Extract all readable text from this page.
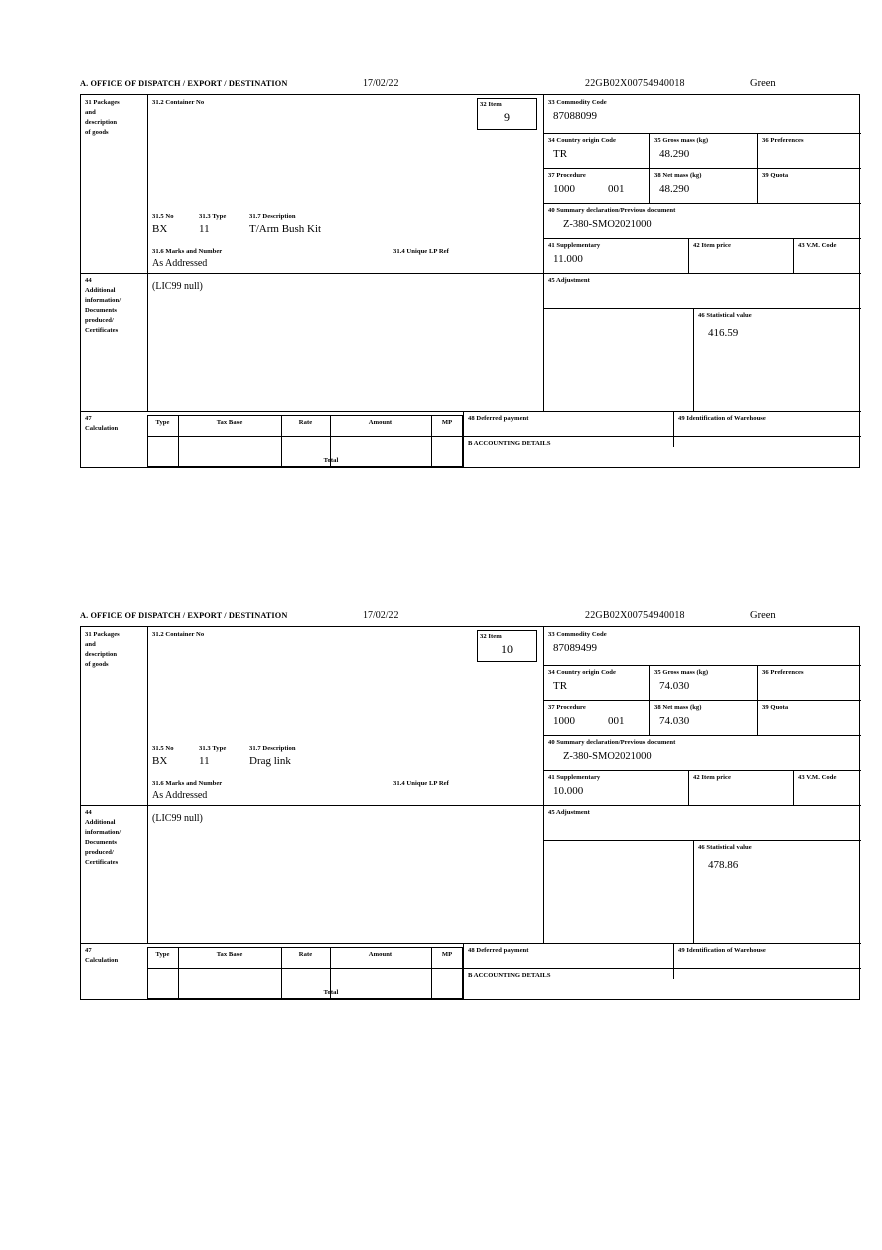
A. OFFICE OF DISPATCH / EXPORT / DESTINATION	17/02/22	22GB02X00754940018	Green
31 Packages
and
description
of goods
31.2 Container No	32 Item
9
33 Commodity Code
87088099
34 Country origin Code
TR
35 Gross mass (kg)
48.290
36 Preferences
37 Procedure
1000	001
38 Net mass (kg)
48.290
39 Quota
40 Summary declaration/Previous document
Z-380-SMO2021000
41 Supplementary
11.000
42 Item price	43 V.M. Code
45 Adjustment
46 Statistical value
416.59
31.5 No	31.3 Type	31.7 Description
BX	11	T/Arm Bush Kit
31.6 Marks and Number	31.4 Unique LP Ref
As Addressed
44
Additional
information/
Documents
produced/
Certificates
(LIC99 null)
47
Calculation
Type	Tax Base	Rate	Amount	MP
Total
48 Deferred payment	49 Identification of Warehouse
B ACCOUNTING DETAILS
A. OFFICE OF DISPATCH / EXPORT / DESTINATION	17/02/22	22GB02X00754940018	Green
31 Packages
and
description
of goods
31.2 Container No	32 Item
10
33 Commodity Code
87089499
34 Country origin Code
TR
35 Gross mass (kg)
74.030
36 Preferences
37 Procedure
1000	001
38 Net mass (kg)
74.030
39 Quota
40 Summary declaration/Previous document
Z-380-SMO2021000
41 Supplementary
10.000
42 Item price	43 V.M. Code
45 Adjustment
46 Statistical value
478.86
31.5 No	31.3 Type	31.7 Description
BX	11	Drag link
31.6 Marks and Number	31.4 Unique LP Ref
As Addressed
44
Additional
information/
Documents
produced/
Certificates
(LIC99 null)
47
Calculation
Type	Tax Base	Rate	Amount	MP
Total
48 Deferred payment	49 Identification of Warehouse
B ACCOUNTING DETAILS
